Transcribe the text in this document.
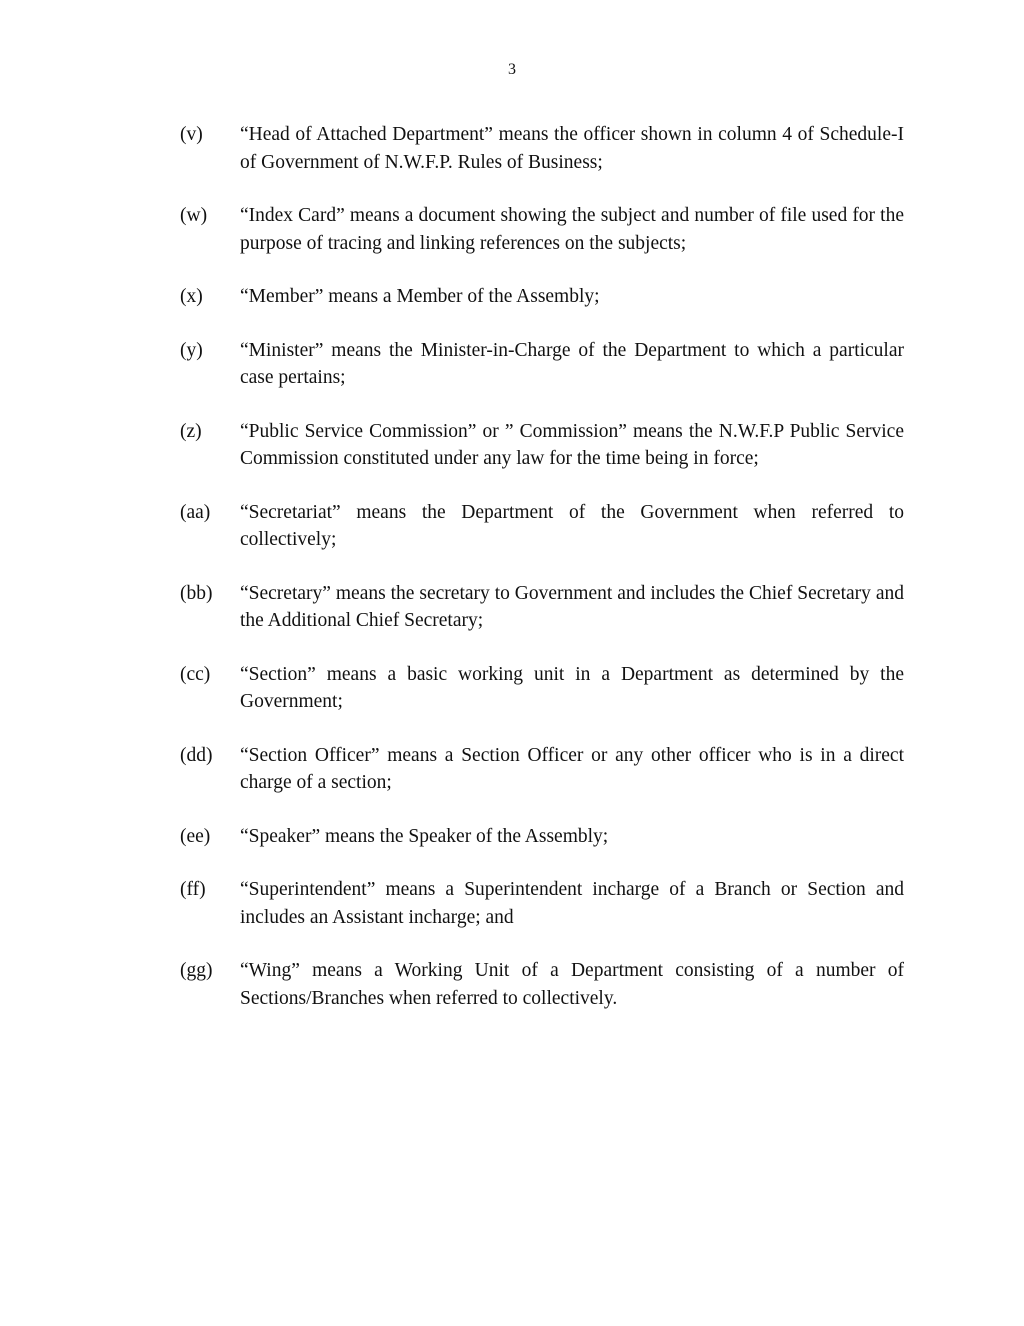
3
(v)	“Head of Attached Department” means the officer shown in column 4 of Schedule-I of Government of N.W.F.P. Rules of Business;
(w)	“Index Card” means a document showing the subject and number of file used for the purpose of tracing and linking references on the subjects;
(x)	“Member” means a Member of the Assembly;
(y)	“Minister” means the Minister-in-Charge of the Department to which a particular case pertains;
(z)	“Public Service Commission” or ” Commission” means the N.W.F.P Public Service Commission constituted under any law for the time being in force;
(aa)	“Secretariat” means the Department of the Government when referred to collectively;
(bb)	“Secretary” means the secretary to Government and includes the Chief Secretary and the Additional Chief Secretary;
(cc)	“Section” means a basic working unit in a Department as determined by the Government;
(dd)	“Section Officer” means a Section Officer or any other officer who is in a direct charge of a section;
(ee)	“Speaker” means the Speaker of the Assembly;
(ff)	“Superintendent” means a Superintendent incharge of a Branch or Section and includes an Assistant incharge; and
(gg)	“Wing” means a Working Unit of a Department consisting of a number of Sections/Branches when referred to collectively.
